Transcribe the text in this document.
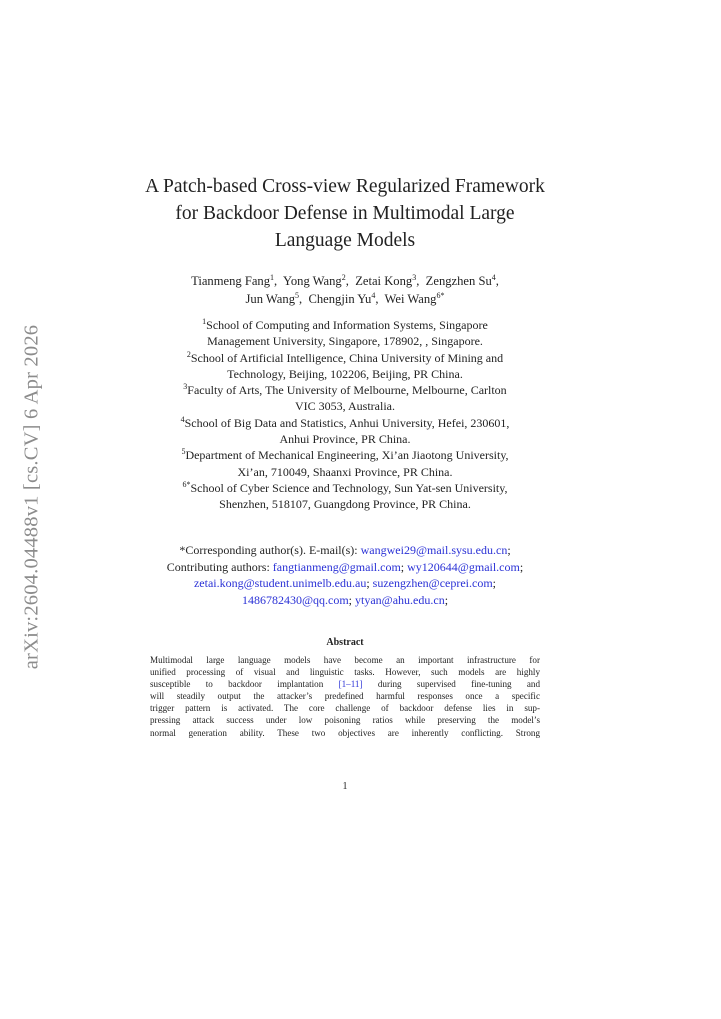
arXiv:2604.04488v1 [cs.CV] 6 Apr 2026
A Patch-based Cross-view Regularized Framework
for Backdoor Defense in Multimodal Large
Language Models
Tianmeng Fang$^1$,  Yong Wang$^2$,  Zetai Kong$^3$,  Zengzhen Su$^4$,
Jun Wang$^5$,  Chengjin Yu$^4$,  Wei Wang$^{6*}$
$^1$School of Computing and Information Systems, Singapore
Management University, Singapore, 178902, , Singapore.
$^2$School of Artificial Intelligence, China University of Mining and
Technology, Beijing, 102206, Beijing, PR China.
$^3$Faculty of Arts, The University of Melbourne, Melbourne, Carlton
VIC 3053, Australia.
$^4$School of Big Data and Statistics, Anhui University, Hefei, 230601,
Anhui Province, PR China.
$^5$Department of Mechanical Engineering, Xi’an Jiaotong University,
Xi’an, 710049, Shaanxi Province, PR China.
$^{6*}$School of Cyber Science and Technology, Sun Yat-sen University,
Shenzhen, 518107, Guangdong Province, PR China.
*Corresponding author(s). E-mail(s): wangwei29@mail.sysu.edu.cn;
Contributing authors: fangtianmeng@gmail.com; wy120644@gmail.com;
zetai.kong@student.unimelb.edu.au; suzengzhen@ceprei.com;
1486782430@qq.com; ytyan@ahu.edu.cn;
Abstract
Multimodal large language models have become an important infrastructure for
unified processing of visual and linguistic tasks. However, such models are highly
susceptible to backdoor implantation [1–11] during supervised fine-tuning and
will steadily output the attacker’s predefined harmful responses once a specific
trigger pattern is activated. The core challenge of backdoor defense lies in sup-
pressing attack success under low poisoning ratios while preserving the model’s
normal generation ability. These two objectives are inherently conflicting. Strong
1
